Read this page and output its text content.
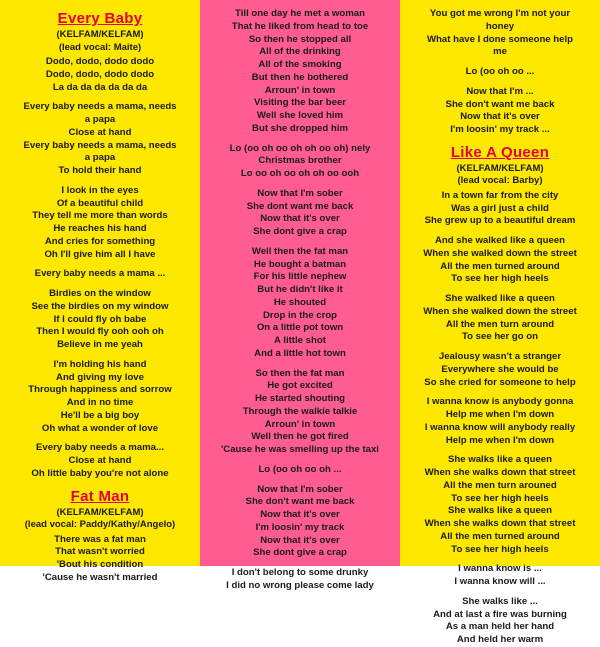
Every Baby
(KELFAM/KELFAM)
(lead vocal: Maite)
Dodo, dodo, dodo dodo
Dodo, dodo, dodo dodo
La da da da da da da
Every baby needs a mama, needs
a papa
Close at hand
Every baby needs a mama, needs
a papa
To hold their hand
I look in the eyes
Of a beautiful child
They tell me more than words
He reaches his hand
And cries for something
Oh I'll give him all I have
Every baby needs a mama ...
Birdies on the window
See the birdies on my window
If I could fly oh babe
Then I would fly ooh ooh oh
Believe in me yeah
I'm holding his hand
And giving my love
Through happiness and sorrow
And in no time
He'll be a big boy
Oh what a wonder of love
Every baby needs a mama...
Close at hand
Oh little baby you're not alone
Fat Man
(KELFAM/KELFAM)
(lead vocal: Paddy/Kathy/Angelo)
There was a fat man
That wasn't worried
'Bout his condition
'Cause he wasn't married
Till one day he met a woman
That he liked from head to toe
So then he stopped all
All of the drinking
All of the smoking
But then he bothered
Arroun' in town
Visiting the bar beer
Well she loved him
But she dropped him
Lo (oo oh oo oh oh oo oh) nely
Christmas brother
Lo oo oh oo oh oh oo ooh
Now that I'm sober
She dont want me back
Now that it's over
She dont give a crap
Well then the fat man
He bought a batman
For his little nephew
But he didn't like it
He shouted
Drop in the crop
On a little pot town
A little shot
And a little hot town
So then the fat man
He got excited
He started shouting
Through the walkie talkie
Arroun' in town
Well then he got fired
'Cause he was smelling up the taxi
Lo (oo oh oo oh ...
Now that I'm sober
She don't want me back
Now that it's over
I'm loosin' my track
Now that it's over
She dont give a crap
I don't belong to some drunky
I did no wrong please come lady
You got me wrong I'm not your
honey
What have I done someone help
me
Lo (oo oh oo ...
Now that I'm ...
She don't want me back
Now that it's over
I'm loosin' my track ...
Like A Queen
(KELFAM/KELFAM)
(lead vocal: Barby)
In a town far from the city
Was a girl just a child
She grew up to a beautiful dream
And she walked like a queen
When she walked down the street
All the men turned around
To see her high heels
She walked like a queen
When she walked down the street
All the men turn around
To see her go on
Jealousy wasn't a stranger
Everywhere she would be
So she cried for someone to help
I wanna know is anybody gonna
Help me when I'm down
I wanna know will anybody really
Help me when I'm down
She walks like a queen
When she walks down that street
All the men turn arouned
To see her high heels
She walks like a queen
When she walks down that street
All the men turned around
To see her high heels
I wanna know is ...
I wanna know will ...
She walks like ...
And at last a fire was burning
As a man held her hand
And held her warm
